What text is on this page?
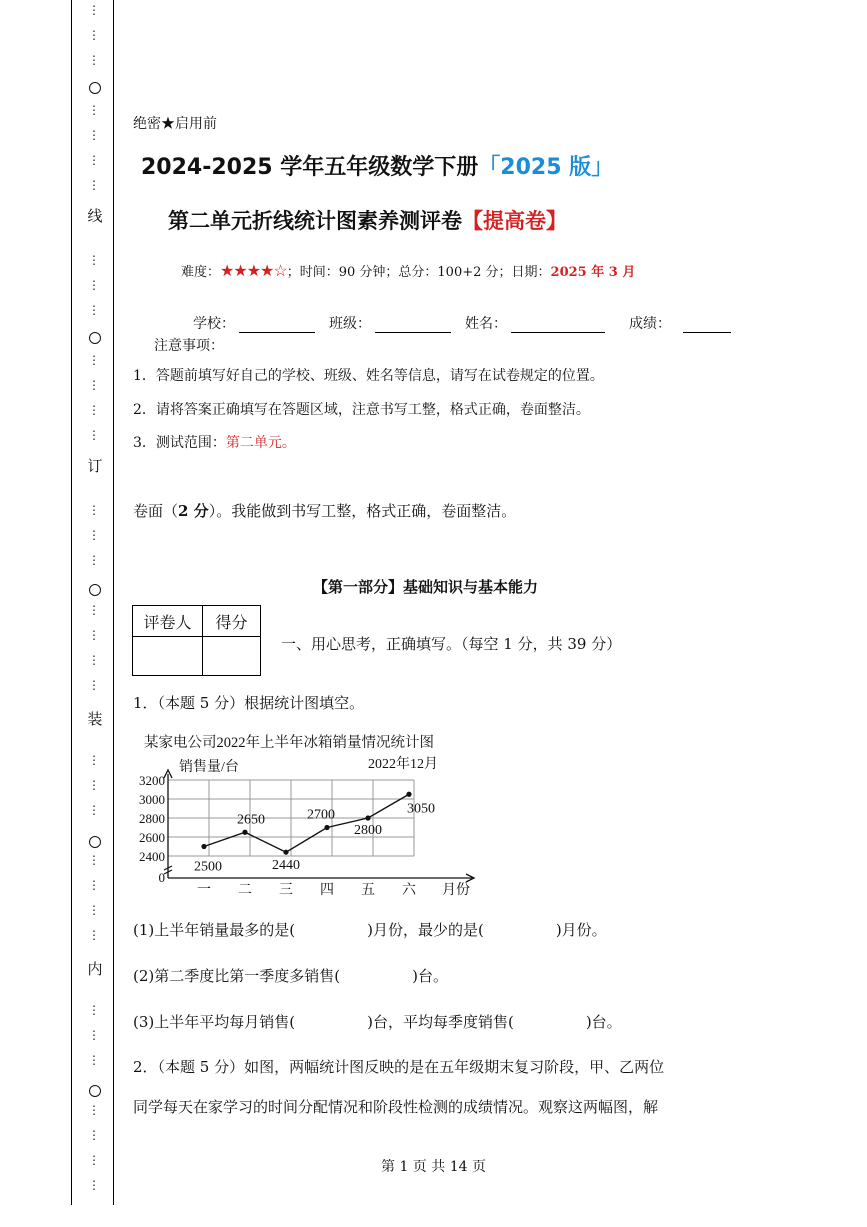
线
订
装
内
⋮
⋮
⋮
⋮
⋮
⋮
⋮
⋮
⋮
⋮
⋮
⋮
⋮
⋮
⋮
⋮
⋮
⋮
⋮
⋮
⋮
⋮
⋮
⋮
⋮
⋮
⋮
⋮
⋮
⋮
⋮
⋮
⋮
⋮
⋮
绝密★启用前
2024-2025 学年五年级数学下册「2025 版」
第二单元折线统计图素养测评卷【提高卷】
难度：★★★★☆；时间：90 分钟；总分：100+2 分；日期：2025 年 3 月
学校：	班级：	姓名：	成绩：
注意事项：
1．答题前填写好自己的学校、班级、姓名等信息，请写在试卷规定的位置。
2．请将答案正确填写在答题区域，注意书写工整，格式正确，卷面整洁。
3．测试范围：第二单元。
卷面（2 分）。我能做到书写工整，格式正确，卷面整洁。
【第一部分】基础知识与基本能力
评卷人	得分

一、用心思考，正确填写。（每空 1 分，共 39 分）
1．（本题 5 分）根据统计图填空。
某家电公司2022年上半年冰箱销量情况统计图
销售量/台	2022年12月
0
2400
2600
2800
3000
3200
一 二 三 四 五 六 月份
2500
2650
2440
2700
2800
3050
(1)上半年销量最多的是(	)月份，最少的是(	)月份。
(2)第二季度比第一季度多销售(	)台。
(3)上半年平均每月销售(	)台，平均每季度销售(	)台。
2．（本题 5 分）如图，两幅统计图反映的是在五年级期末复习阶段，甲、乙两位
同学每天在家学习的时间分配情况和阶段性检测的成绩情况。观察这两幅图，解
第 1 页 共 14 页
